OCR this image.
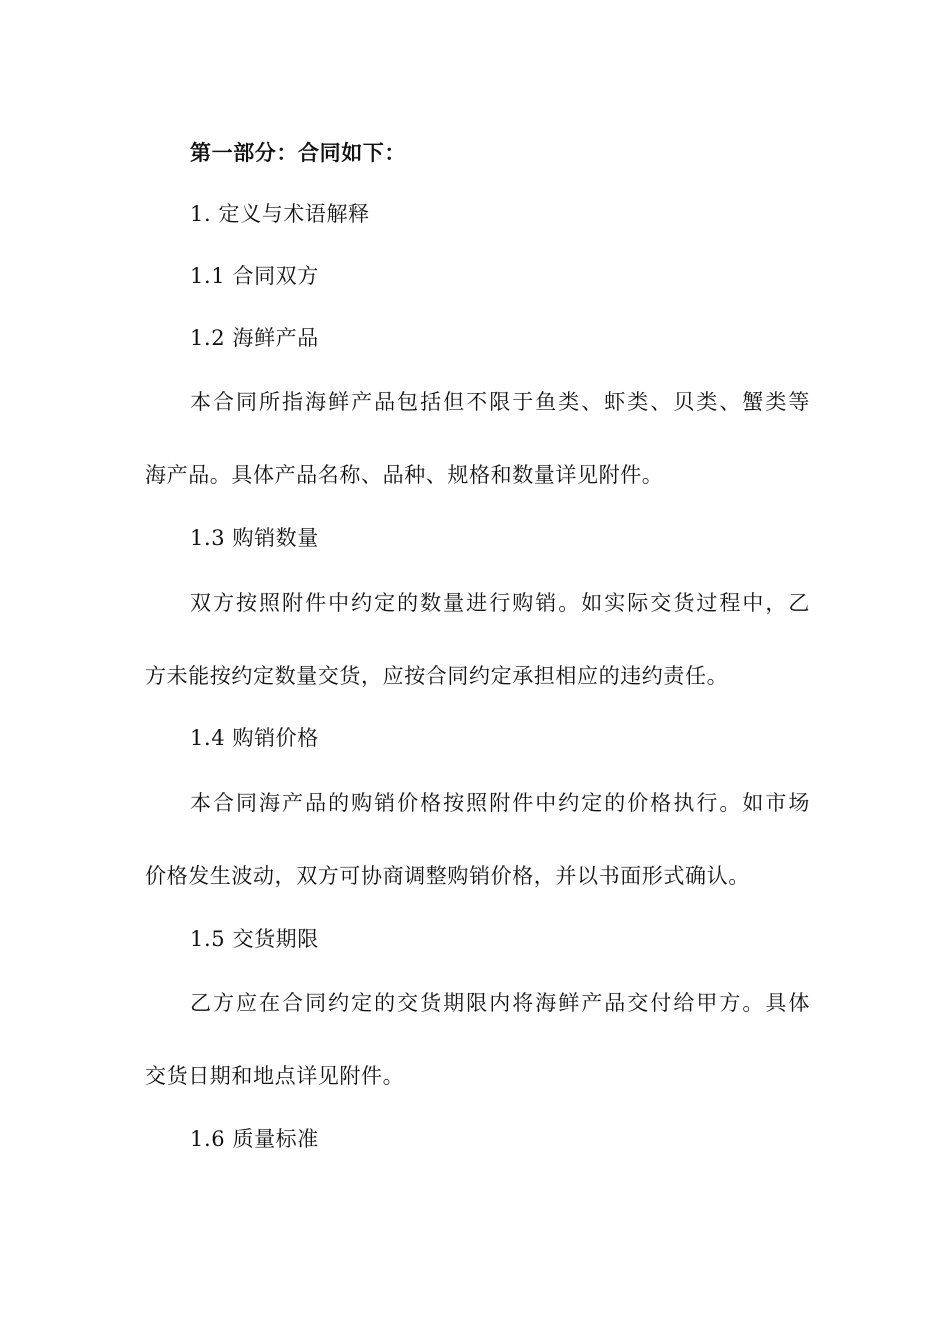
第一部分：合同如下：
1. 定义与术语解释
1.1 合同双方
1.2 海鲜产品
本合同所指海鲜产品包括但不限于鱼类、虾类、贝类、蟹类等
海产品。具体产品名称、品种、规格和数量详见附件。
1.3 购销数量
双方按照附件中约定的数量进行购销。如实际交货过程中，乙
方未能按约定数量交货，应按合同约定承担相应的违约责任。
1.4 购销价格
本合同海产品的购销价格按照附件中约定的价格执行。如市场
价格发生波动，双方可协商调整购销价格，并以书面形式确认。
1.5 交货期限
乙方应在合同约定的交货期限内将海鲜产品交付给甲方。具体
交货日期和地点详见附件。
1.6 质量标准
